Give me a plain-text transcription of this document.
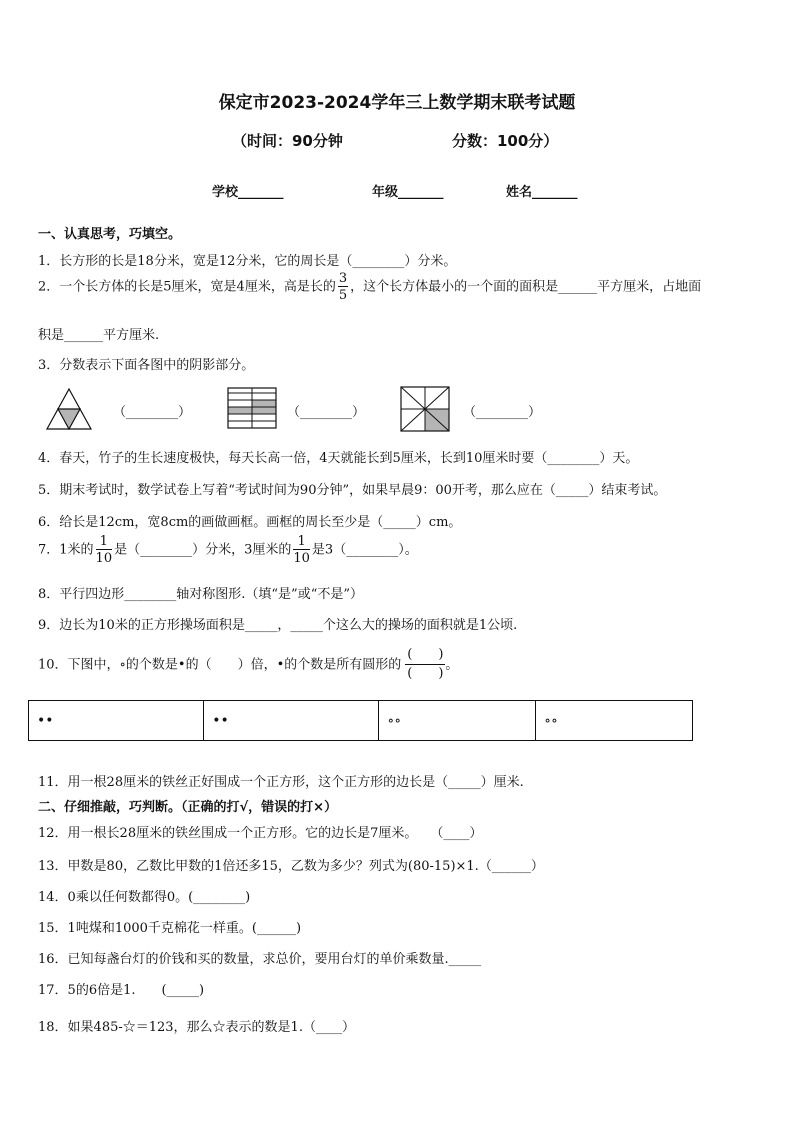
保定市2023-2024学年三上数学期末联考试题
（时间：90分钟	分数：100分）
学校_______	年级_______	姓名_______
一、认真思考，巧填空。
1．长方形的长是18分米，宽是12分米，它的周长是（________）分米。
2．一个长方体的长是5厘米，宽是4厘米，高是长的 $\frac{3}{5}$ ，这个长方体最小的一个面的面积是______平方厘米，占地面
积是______平方厘米.
3．分数表示下面各图中的阴影部分。
（________）	（________）	（________）
4．春天，竹子的生长速度极快，每天长高一倍，4天就能长到5厘米，长到10厘米时要（________）天。
5．期末考试时，数学试卷上写着“考试时间为90分钟”，如果早晨9：00开考，那么应在（_____）结束考试。
6．给长是12cm，宽8cm的画做画框。画框的周长至少是（_____）cm。
7．1米的 $\frac{1}{10}$ 是（________）分米，3厘米的 $\frac{1}{10}$ 是3（________）。
8．平行四边形________轴对称图形.（填“是”或“不是”）
9．边长为10米的正方形操场面积是_____，_____个这么大的操场的面积就是1公顷.
10．下图中，∘的个数是•的（　　）倍，•的个数是所有圆形的
(　　)
(　　)
。
••	••	∘∘	∘∘
11．用一根28厘米的铁丝正好围成一个正方形，这个正方形的边长是（_____）厘米.
二、仔细推敲，巧判断。（正确的打√，错误的打×）
12．用一根长28厘米的铁丝围成一个正方形。它的边长是7厘米。　　（____）
13．甲数是80，乙数比甲数的1倍还多15，乙数为多少？列式为(80-15)×1.（______）
14．0乘以任何数都得0。(________)
15．1吨煤和1000千克棉花一样重。(______)
16．已知每盏台灯的价钱和买的数量，求总价，要用台灯的单价乘数量._____
17．5的6倍是1.　　(_____)
18．如果485-☆＝123，那么☆表示的数是1.（____）
